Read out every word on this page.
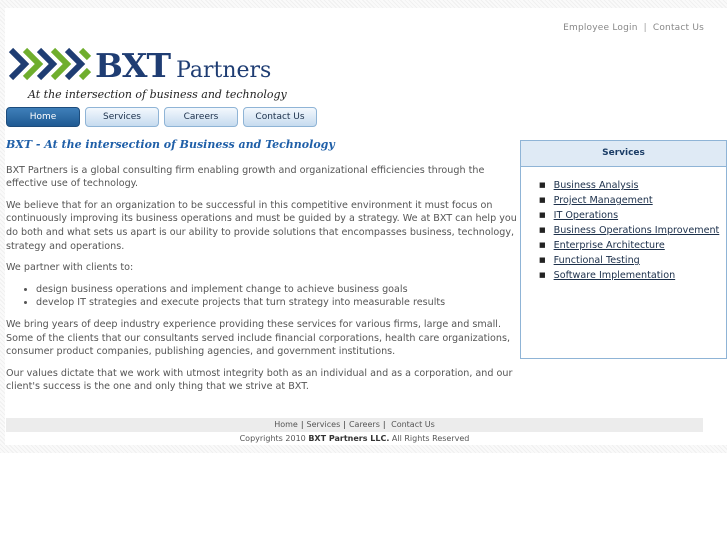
Employee Login | Contact Us
BXT Partners
At the intersection of business and technology
Home	Services	Careers	Contact Us
BXT - At the intersection of Business and Technology

BXT Partners is a global consulting firm enabling growth and organizational efficiencies through the effective use of technology.

We believe that for an organization to be successful in this competitive environment it must focus on continuously improving its business operations and must be guided by a strategy. We at BXT can help you do both and what sets us apart is our ability to provide solutions that encompasses business, technology, strategy and operations.

We partner with clients to:

• design business operations and implement change to achieve business goals
• develop IT strategies and execute projects that turn strategy into measurable results

We bring years of deep industry experience providing these services for various firms, large and small. Some of the clients that our consultants served include financial corporations, health care organizations, consumer product companies, publishing agencies, and government institutions.

Our values dictate that we work with utmost integrity both as an individual and as a corporation, and our client's success is the one and only thing that we strive at BXT.

Services
■ Business Analysis
■ Project Management
■ IT Operations
■ Business Operations Improvement
■ Enterprise Architecture
■ Functional Testing
■ Software Implementation
Home | Services | Careers | Contact Us
Copyrights 2010 BXT Partners LLC. All Rights Reserved
